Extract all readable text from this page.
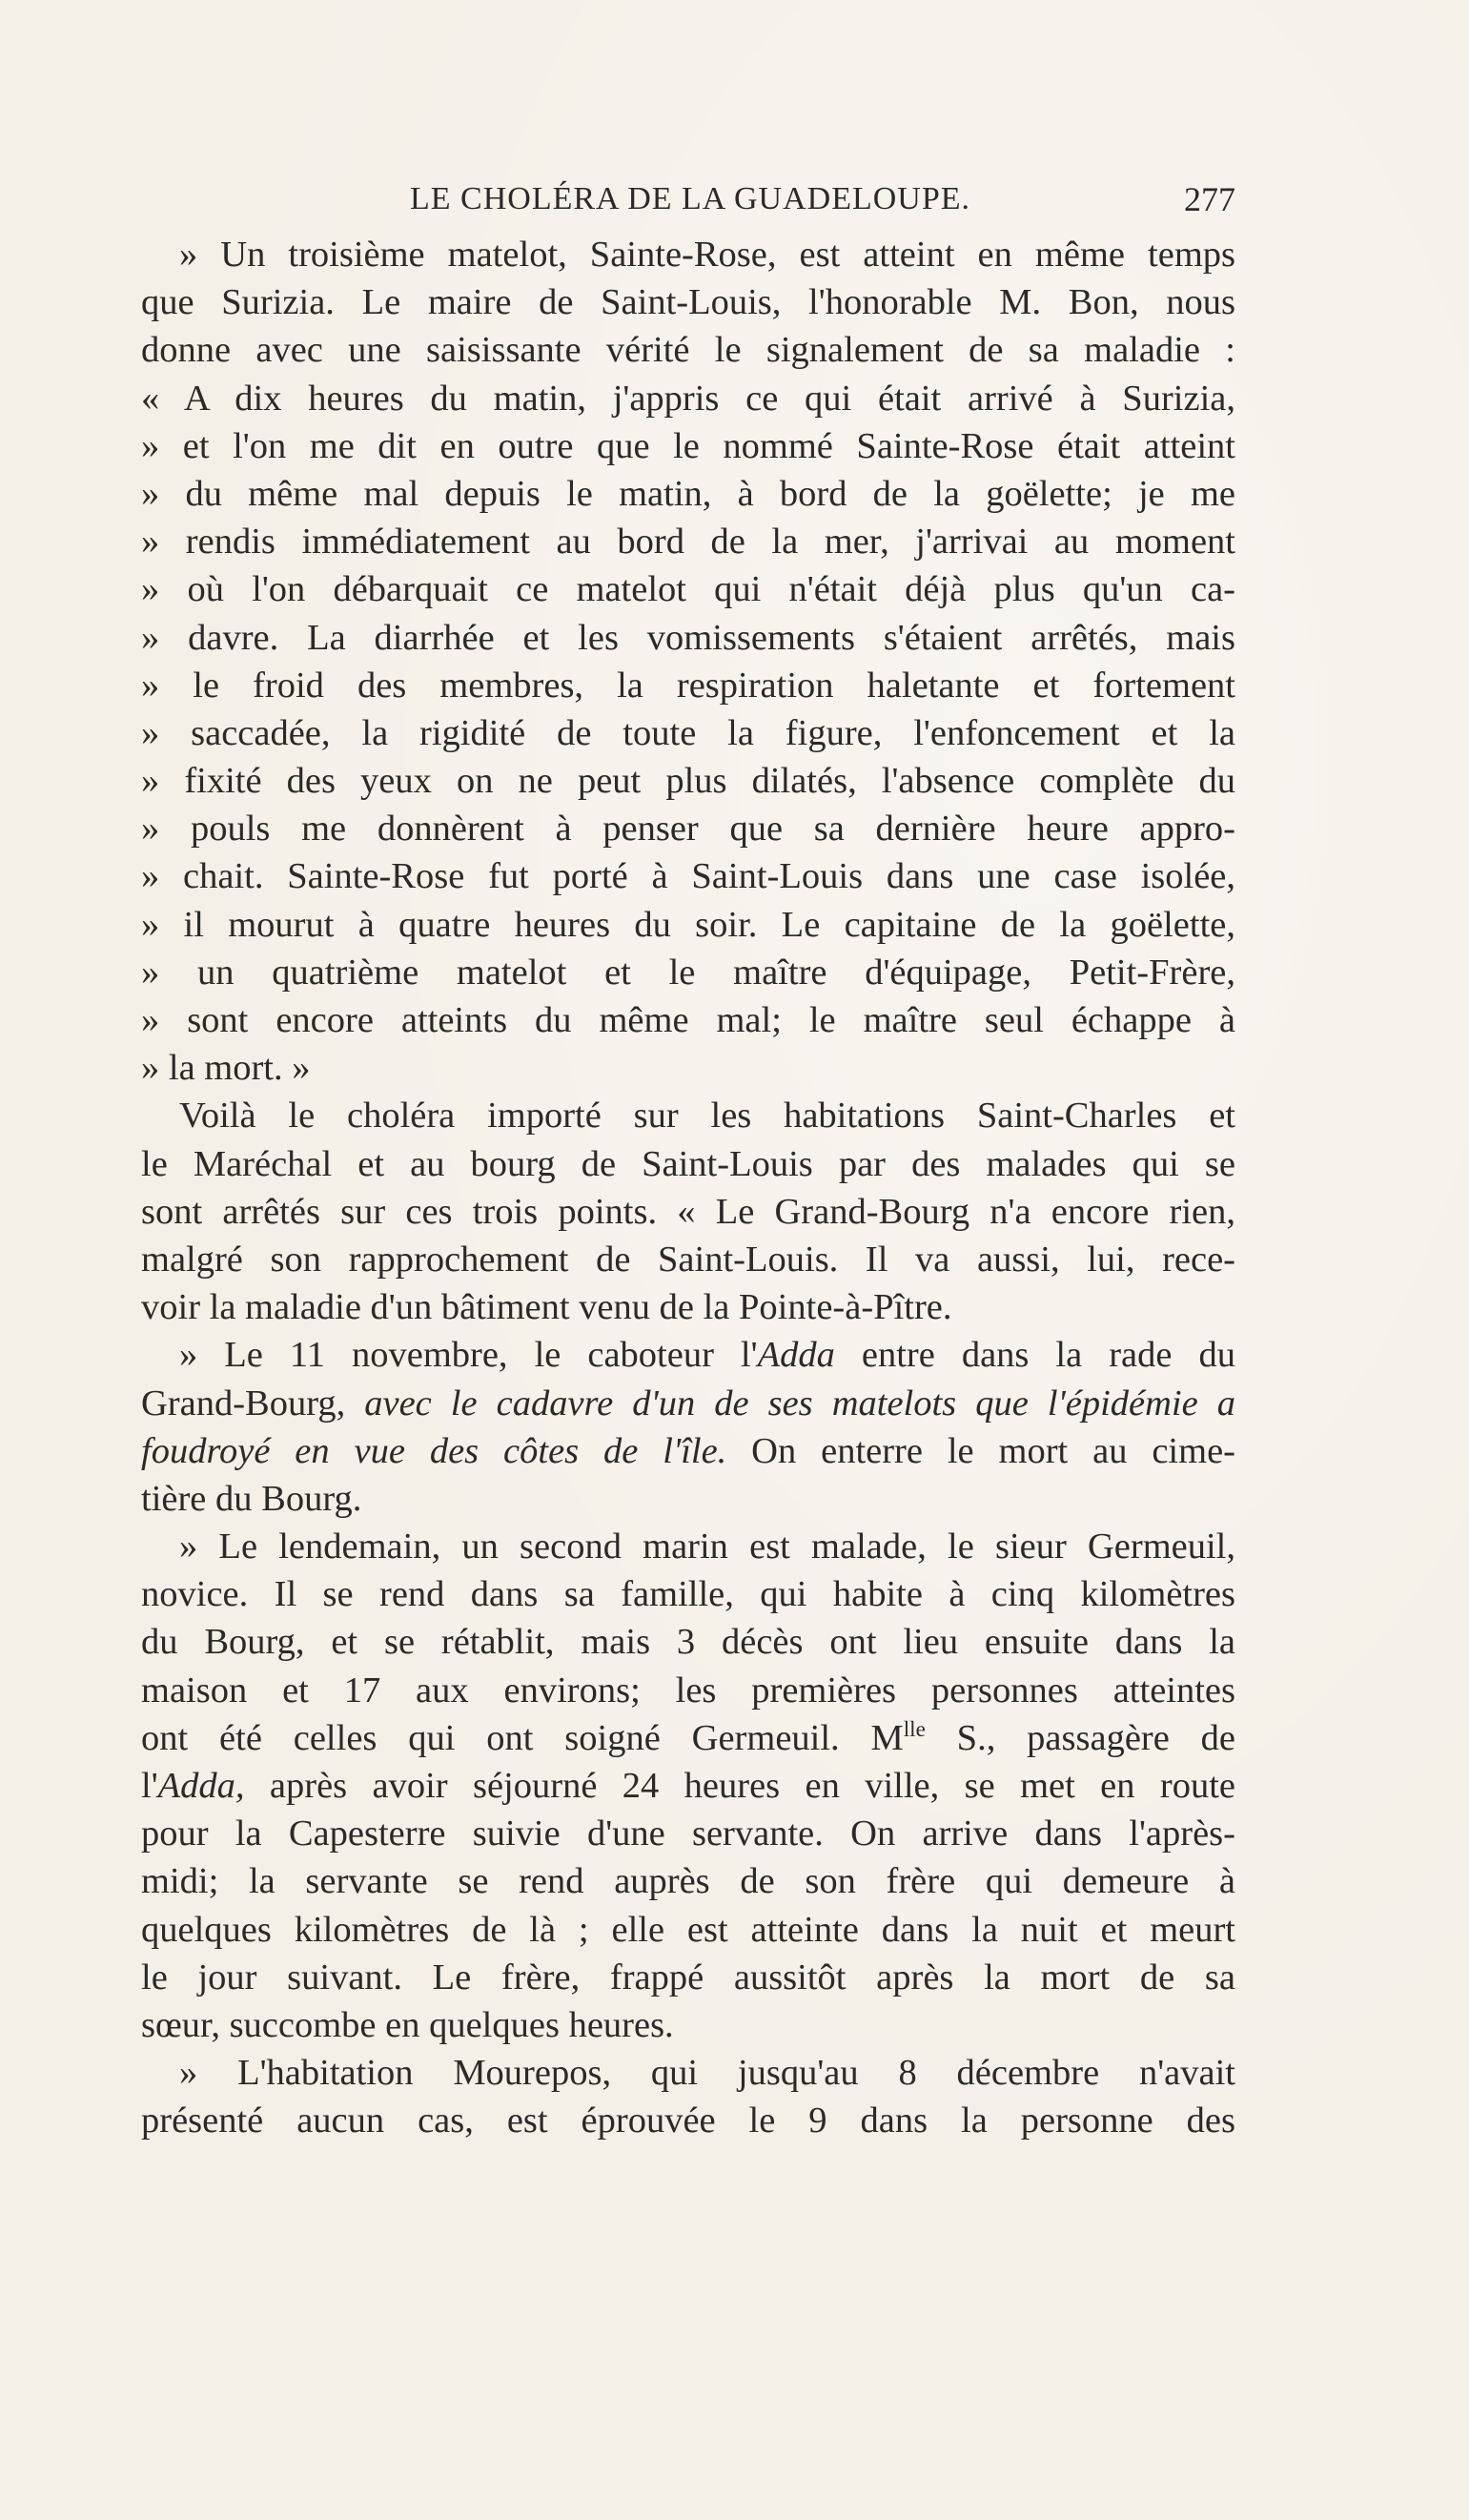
LE CHOLÉRA DE LA GUADELOUPE.	277
» Un troisième matelot, Sainte-Rose, est atteint en même temps
que Surizia. Le maire de Saint-Louis, l'honorable M. Bon, nous
donne avec une saisissante vérité le signalement de sa maladie :
« A dix heures du matin, j'appris ce qui était arrivé à Surizia,
» et l'on me dit en outre que le nommé Sainte-Rose était atteint
» du même mal depuis le matin, à bord de la goëlette; je me
» rendis immédiatement au bord de la mer, j'arrivai au moment
» où l'on débarquait ce matelot qui n'était déjà plus qu'un ca-
» davre. La diarrhée et les vomissements s'étaient arrêtés, mais
» le froid des membres, la respiration haletante et fortement
» saccadée, la rigidité de toute la figure, l'enfoncement et la
» fixité des yeux on ne peut plus dilatés, l'absence complète du
» pouls me donnèrent à penser que sa dernière heure appro-
» chait. Sainte-Rose fut porté à Saint-Louis dans une case isolée,
» il mourut à quatre heures du soir. Le capitaine de la goëlette,
» un quatrième matelot et le maître d'équipage, Petit-Frère,
» sont encore atteints du même mal; le maître seul échappe à
» la mort. »
Voilà le choléra importé sur les habitations Saint-Charles et
le Maréchal et au bourg de Saint-Louis par des malades qui se
sont arrêtés sur ces trois points. « Le Grand-Bourg n'a encore rien,
malgré son rapprochement de Saint-Louis. Il va aussi, lui, rece-
voir la maladie d'un bâtiment venu de la Pointe-à-Pître.
» Le 11 novembre, le caboteur l'Adda entre dans la rade du
Grand-Bourg, avec le cadavre d'un de ses matelots que l'épidémie a
foudroyé en vue des côtes de l'île. On enterre le mort au cime-
tière du Bourg.
» Le lendemain, un second marin est malade, le sieur Germeuil,
novice. Il se rend dans sa famille, qui habite à cinq kilomètres
du Bourg, et se rétablit, mais 3 décès ont lieu ensuite dans la
maison et 17 aux environs; les premières personnes atteintes
ont été celles qui ont soigné Germeuil. $M^{lle}$ S., passagère de
l'Adda, après avoir séjourné 24 heures en ville, se met en route
pour la Capesterre suivie d'une servante. On arrive dans l'après-
midi; la servante se rend auprès de son frère qui demeure à
quelques kilomètres de là ; elle est atteinte dans la nuit et meurt
le jour suivant. Le frère, frappé aussitôt après la mort de sa
sœur, succombe en quelques heures.
» L'habitation Mourepos, qui jusqu'au 8 décembre n'avait
présenté aucun cas, est éprouvée le 9 dans la personne des
